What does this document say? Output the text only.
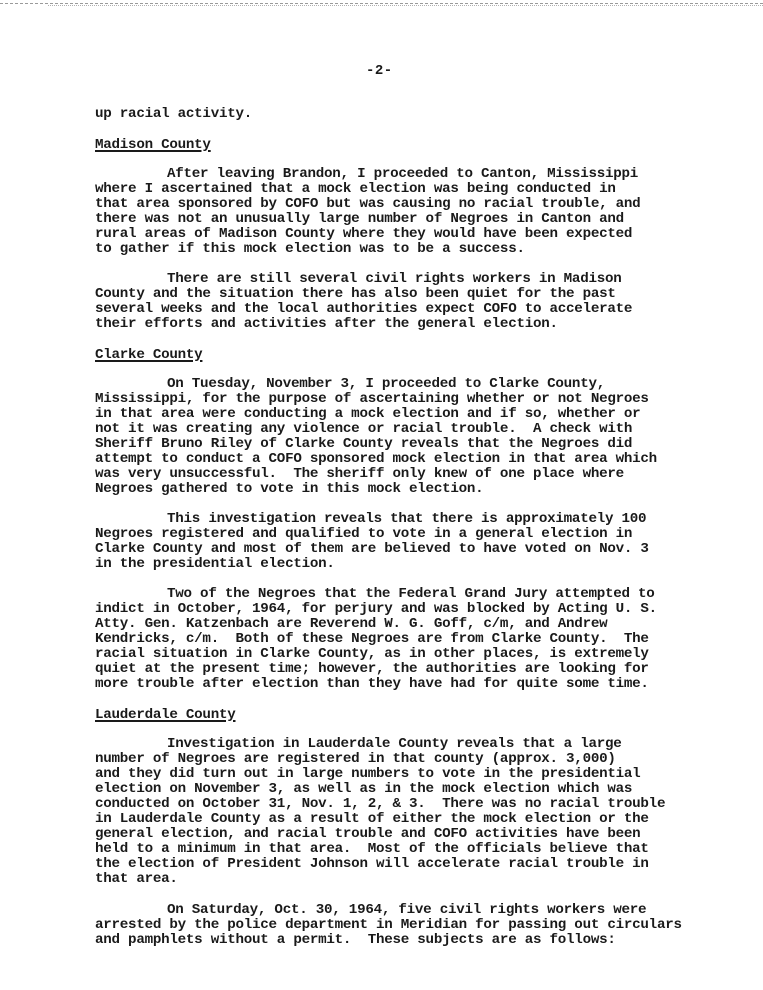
-2-
up racial activity.
Madison County
After leaving Brandon, I proceeded to Canton, Mississippi
where I ascertained that a mock election was being conducted in
that area sponsored by COFO but was causing no racial trouble, and
there was not an unusually large number of Negroes in Canton and
rural areas of Madison County where they would have been expected
to gather if this mock election was to be a success.
There are still several civil rights workers in Madison
County and the situation there has also been quiet for the past
several weeks and the local authorities expect COFO to accelerate
their efforts and activities after the general election.
Clarke County
On Tuesday, November 3, I proceeded to Clarke County,
Mississippi, for the purpose of ascertaining whether or not Negroes
in that area were conducting a mock election and if so, whether or
not it was creating any violence or racial trouble.  A check with
Sheriff Bruno Riley of Clarke County reveals that the Negroes did
attempt to conduct a COFO sponsored mock election in that area which
was very unsuccessful.  The sheriff only knew of one place where
Negroes gathered to vote in this mock election.
This investigation reveals that there is approximately 100
Negroes registered and qualified to vote in a general election in
Clarke County and most of them are believed to have voted on Nov. 3
in the presidential election.
Two of the Negroes that the Federal Grand Jury attempted to
indict in October, 1964, for perjury and was blocked by Acting U. S.
Atty. Gen. Katzenbach are Reverend W. G. Goff, c/m, and Andrew
Kendricks, c/m.  Both of these Negroes are from Clarke County.  The
racial situation in Clarke County, as in other places, is extremely
quiet at the present time; however, the authorities are looking for
more trouble after election than they have had for quite some time.
Lauderdale County
Investigation in Lauderdale County reveals that a large
number of Negroes are registered in that county (approx. 3,000)
and they did turn out in large numbers to vote in the presidential
election on November 3, as well as in the mock election which was
conducted on October 31, Nov. 1, 2, & 3.  There was no racial trouble
in Lauderdale County as a result of either the mock election or the
general election, and racial trouble and COFO activities have been
held to a minimum in that area.  Most of the officials believe that
the election of President Johnson will accelerate racial trouble in
that area.
On Saturday, Oct. 30, 1964, five civil rights workers were
arrested by the police department in Meridian for passing out circulars
and pamphlets without a permit.  These subjects are as follows:
